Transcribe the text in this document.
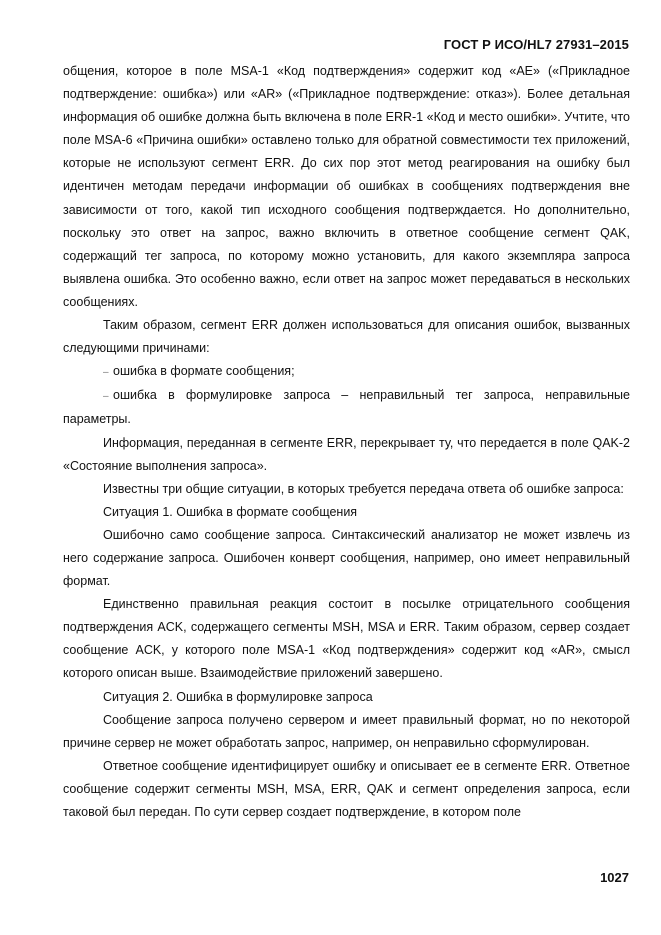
ГОСТ Р ИСО/HL7 27931–2015

общения, которое в поле MSA-1 «Код подтверждения» содержит код «AE» («Прикладное подтверждение: ошибка») или «AR» («Прикладное подтверждение: отказ»). Более детальная информация об ошибке должна быть включена в поле ERR-1 «Код и место ошибки». Учтите, что поле MSA-6 «Причина ошибки» оставлено только для обратной совместимости тех приложений, которые не используют сегмент ERR. До сих пор этот метод реагирования на ошибку был идентичен методам передачи информации об ошибках в сообщениях подтверждения вне зависимости от того, какой тип исходного сообщения подтверждается. Но дополнительно, поскольку это ответ на запрос, важно включить в ответное сообщение сегмент QAK, содержащий тег запроса, по которому можно установить, для какого экземпляра запроса выявлена ошибка. Это особенно важно, если ответ на запрос может передаваться в нескольких сообщениях.

Таким образом, сегмент ERR должен использоваться для описания ошибок, вызванных следующими причинами:

– ошибка в формате сообщения;

– ошибка в формулировке запроса – неправильный тег запроса, неправильные параметры.

Информация, переданная в сегменте ERR, перекрывает ту, что передается в поле QAK-2 «Состояние выполнения запроса».

Известны три общие ситуации, в которых требуется передача ответа об ошибке запроса:

Ситуация 1. Ошибка в формате сообщения

Ошибочно само сообщение запроса. Синтаксический анализатор не может извлечь из него содержание запроса. Ошибочен конверт сообщения, например, оно имеет неправильный формат.

Единственно правильная реакция состоит в посылке отрицательного сообщения подтверждения ACK, содержащего сегменты MSH, MSA и ERR. Таким образом, сервер создает сообщение ACK, у которого поле MSA-1 «Код подтверждения» содержит код «AR», смысл которого описан выше. Взаимодействие приложений завершено.

Ситуация 2. Ошибка в формулировке запроса

Сообщение запроса получено сервером и имеет правильный формат, но по некоторой причине сервер не может обработать запрос, например, он неправильно сформулирован.

Ответное сообщение идентифицирует ошибку и описывает ее в сегменте ERR. Ответное сообщение содержит сегменты MSH, MSA, ERR, QAK и сегмент определения запроса, если таковой был передан. По сути сервер создает подтверждение, в котором поле

1027
